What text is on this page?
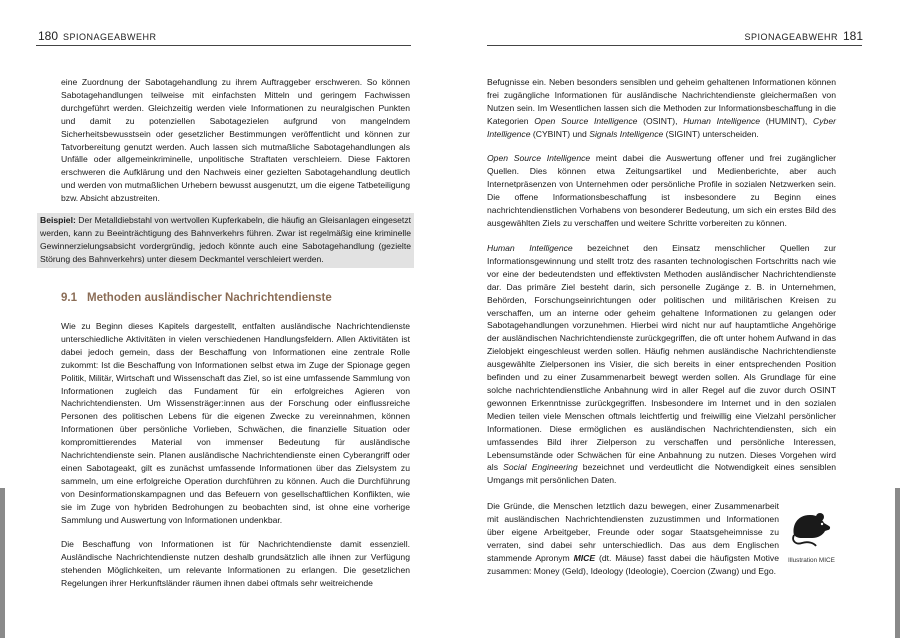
180 SPIONAGEABWEHR

eine Zuordnung der Sabotagehandlung zu ihrem Auftraggeber erschweren. So können Sabotagehandlungen teilweise mit einfachsten Mitteln und geringem Fachwissen durchgeführt werden. Gleichzeitig werden viele Informationen zu neuralgischen Punkten und damit zu potenziellen Sabotagezielen aufgrund von mangelndem Sicherheitsbewusstsein oder gesetzlicher Bestimmungen veröffentlicht und können zur Tatvorbereitung genutzt werden. Auch lassen sich mutmaßliche Sabotagehandlungen als Unfälle oder allgemeinkriminelle, unpolitische Straftaten verschleiern. Diese Faktoren erschweren die Aufklärung und den Nachweis einer gezielten Sabotagehandlung deutlich und werden von mutmaßlichen Urhebern bewusst ausgenutzt, um die eigene Tatbeteiligung bzw. Absicht abzustreiten.

Beispiel: Der Metalldiebstahl von wertvollen Kupferkabeln, die häufig an Gleisanlagen eingesetzt werden, kann zu Beeinträchtigung des Bahnverkehrs führen. Zwar ist regelmäßig eine kriminelle Gewinnerzielungsabsicht vordergründig, jedoch könnte auch eine Sabotagehandlung (gezielte Störung des Bahnverkehrs) unter diesem Deckmantel verschleiert werden.
9.1 Methoden ausländischer Nachrichtendienste

Wie zu Beginn dieses Kapitels dargestellt, entfalten ausländische Nachrichtendienste unterschiedliche Aktivitäten in vielen verschiedenen Handlungsfeldern. Allen Aktivitäten ist dabei jedoch gemein, dass der Beschaffung von Informationen eine zentrale Rolle zukommt: Ist die Beschaffung von Informationen selbst etwa im Zuge der Spionage gegen Politik, Militär, Wirtschaft und Wissenschaft das Ziel, so ist eine umfassende Sammlung von Informationen zugleich das Fundament für ein erfolgreiches Agieren von Nachrichtendiensten. Um Wissensträger:innen aus der Forschung oder einflussreiche Personen des politischen Lebens für die eigenen Zwecke zu vereinnahmen, können Informationen über persönliche Vorlieben, Schwächen, die finanzielle Situation oder kompromittierendes Material von immenser Bedeutung für ausländische Nachrichtendienste sein. Planen ausländische Nachrichtendienste einen Cyberangriff oder einen Sabotageakt, gilt es zunächst umfassende Informationen über das Zielsystem zu sammeln, um eine erfolgreiche Operation durchführen zu können. Auch die Durchführung von Desinformationskampagnen und das Befeuern von gesellschaftlichen Konflikten, wie sie im Zuge von hybriden Bedrohungen zu beobachten sind, ist ohne eine vorherige Sammlung und Auswertung von Informationen undenkbar.

Die Beschaffung von Informationen ist für Nachrichtendienste damit essenziell. Ausländische Nachrichtendienste nutzen deshalb grundsätzlich alle ihnen zur Verfügung stehenden Möglichkeiten, um relevante Informationen zu erlangen. Die gesetzlichen Regelungen ihrer Herkunftsländer räumen ihnen dabei oftmals sehr weitreichende

SPIONAGEABWEHR 181

Befugnisse ein. Neben besonders sensiblen und geheim gehaltenen Informationen können frei zugängliche Informationen für ausländische Nachrichtendienste gleichermaßen von Nutzen sein. Im Wesentlichen lassen sich die Methoden zur Informationsbeschaffung in die Kategorien Open Source Intelligence (OSINT), Human Intelligence (HUMINT), Cyber Intelligence (CYBINT) und Signals Intelligence (SIGINT) unterscheiden.

Open Source Intelligence meint dabei die Auswertung offener und frei zugänglicher Quellen. Dies können etwa Zeitungsartikel und Medienberichte, aber auch Internetpräsenzen von Unternehmen oder persönliche Profile in sozialen Netzwerken sein. Die offene Informationsbeschaffung ist insbesondere zu Beginn eines nachrichtendienstlichen Vorhabens von besonderer Bedeutung, um sich ein erstes Bild des ausgewählten Ziels zu verschaffen und weitere Schritte vorbereiten zu können.

Human Intelligence bezeichnet den Einsatz menschlicher Quellen zur Informationsgewinnung und stellt trotz des rasanten technologischen Fortschritts nach wie vor eine der bedeutendsten und effektivsten Methoden ausländischer Nachrichtendienste dar. Das primäre Ziel besteht darin, sich personelle Zugänge z. B. in Unternehmen, Behörden, Forschungseinrichtungen oder politischen und militärischen Kreisen zu verschaffen, um an interne oder geheim gehaltene Informationen zu gelangen oder Sabotagehandlungen vorzunehmen. Hierbei wird nicht nur auf hauptamtliche Angehörige der ausländischen Nachrichtendienste zurückgegriffen, die oft unter hohem Aufwand in das Zielobjekt eingeschleust werden sollen. Häufig nehmen ausländische Nachrichtendienste ausgewählte Zielpersonen ins Visier, die sich bereits in einer entsprechenden Position befinden und zu einer Zusammenarbeit bewegt werden sollen. Als Grundlage für eine solche nachrichtendienstliche Anbahnung wird in aller Regel auf die zuvor durch OSINT gewonnen Erkenntnisse zurückgegriffen. Insbesondere im Internet und in den sozialen Medien teilen viele Menschen oftmals leichtfertig und freiwillig eine Vielzahl persönlicher Informationen. Diese ermöglichen es ausländischen Nachrichtendiensten, sich ein umfassendes Bild ihrer Zielperson zu verschaffen und persönliche Interessen, Lebensumstände oder Schwächen für eine Anbahnung zu nutzen. Dieses Vorgehen wird als Social Engineering bezeichnet und verdeutlicht die Notwendigkeit eines sensiblen Umgangs mit persönlichen Daten.

Die Gründe, die Menschen letztlich dazu bewegen, einer Zusammenarbeit mit ausländischen Nachrichtendiensten zuzustimmen und Informationen über eigene Arbeitgeber, Freunde oder sogar Staatsgeheimnisse zu verraten, sind dabei sehr unterschiedlich. Das aus dem Englischen stammende Apronym MICE (dt. Mäuse) fasst dabei die häufigsten Motive zusammen: Money (Geld), Ideology (Ideologie), Coercion (Zwang) und Ego.

Illustration MICE
